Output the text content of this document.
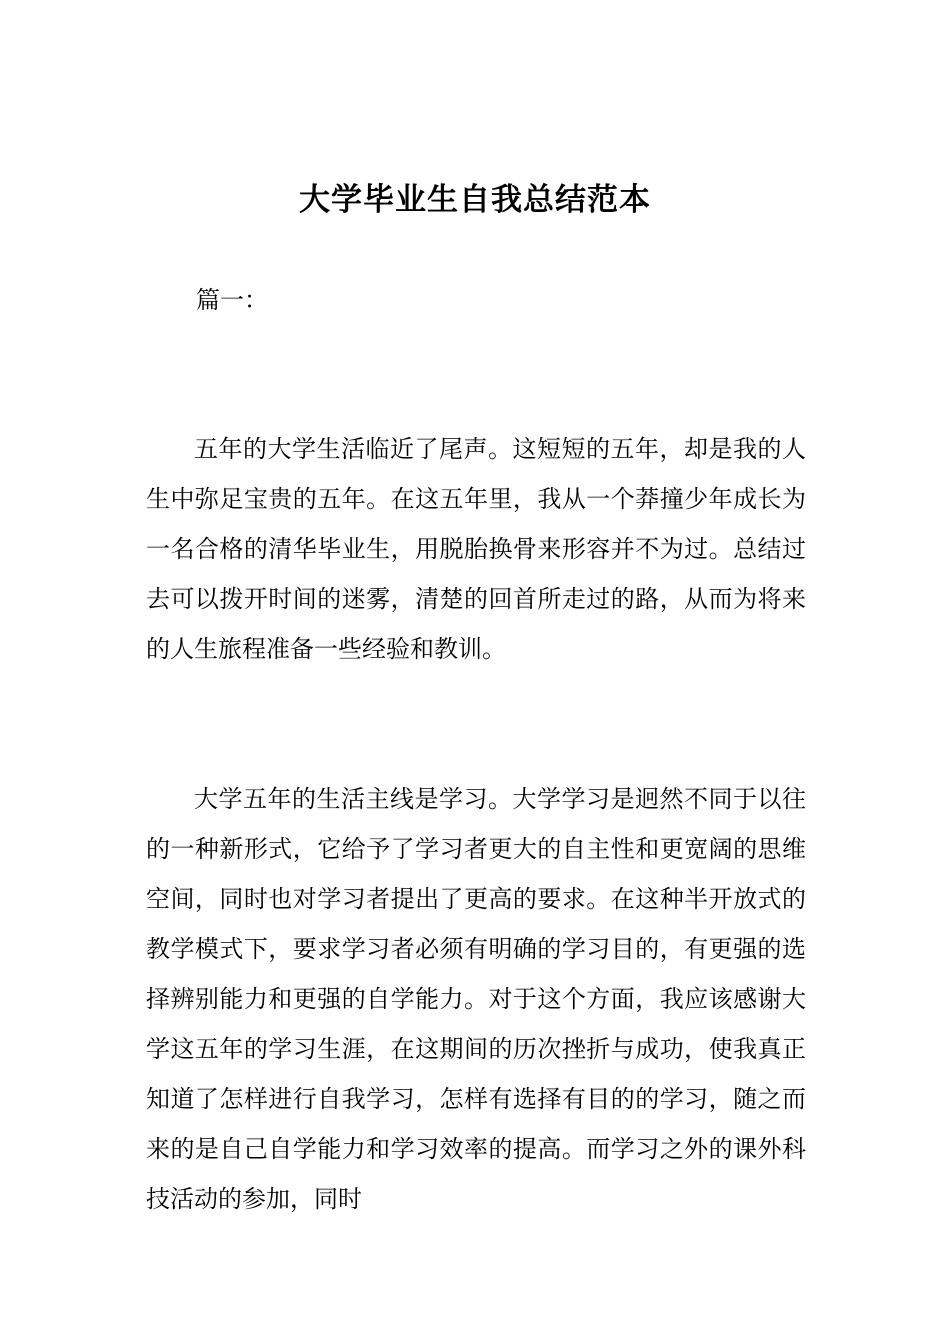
大学毕业生自我总结范本

篇一：

五年的大学生活临近了尾声。这短短的五年，却是我的人生中弥足宝贵的五年。在这五年里，我从一个莽撞少年成长为一名合格的清华毕业生，用脱胎换骨来形容并不为过。总结过去可以拨开时间的迷雾，清楚的回首所走过的路，从而为将来的人生旅程准备一些经验和教训。

大学五年的生活主线是学习。大学学习是迥然不同于以往的一种新形式，它给予了学习者更大的自主性和更宽阔的思维空间，同时也对学习者提出了更高的要求。在这种半开放式的教学模式下，要求学习者必须有明确的学习目的，有更强的选择辨别能力和更强的自学能力。对于这个方面，我应该感谢大学这五年的学习生涯，在这期间的历次挫折与成功，使我真正知道了怎样进行自我学习，怎样有选择有目的的学习，随之而来的是自己自学能力和学习效率的提高。而学习之外的课外科技活动的参加，同时
